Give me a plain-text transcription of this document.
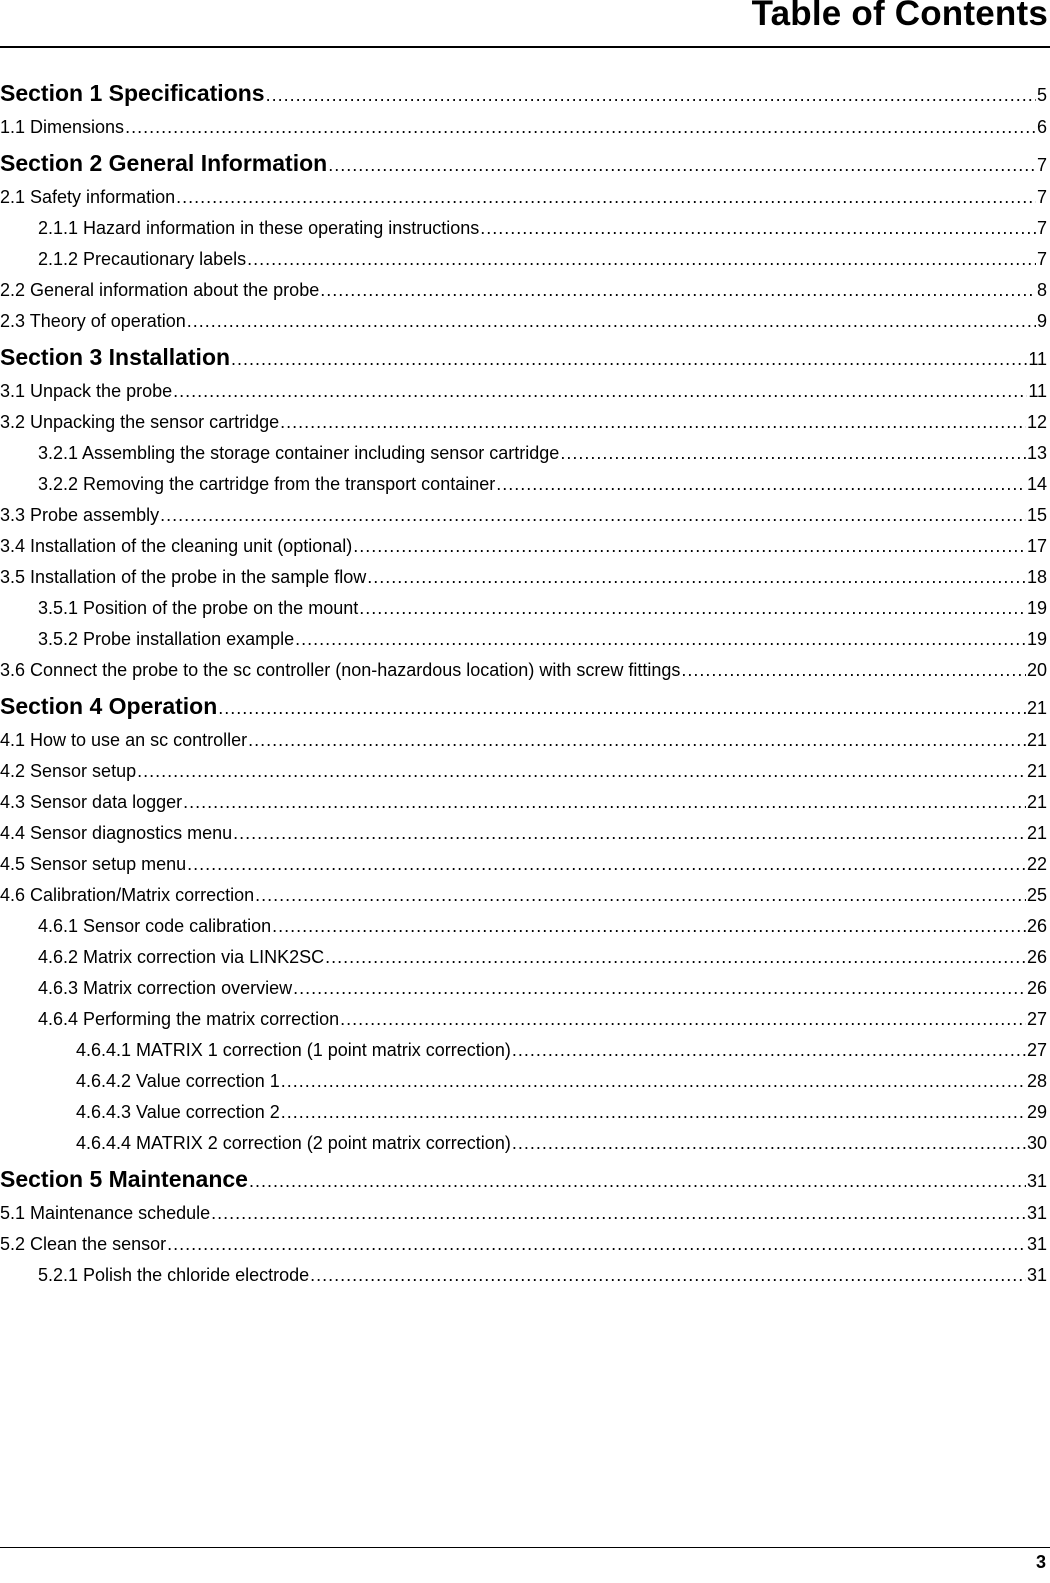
Table of Contents
Section 1 Specifications .....	5
1.1 Dimensions .....	6
Section 2 General Information .....	7
2.1 Safety information .....	7
2.1.1 Hazard information in these operating instructions .....	7
2.1.2 Precautionary labels .....	7
2.2 General information about the probe .....	8
2.3 Theory of operation .....	9
Section 3 Installation .....	11
3.1 Unpack the probe .....	11
3.2 Unpacking the sensor cartridge .....	12
3.2.1 Assembling the storage container including sensor cartridge .....	13
3.2.2 Removing the cartridge from the transport container .....	14
3.3 Probe assembly .....	15
3.4 Installation of the cleaning unit (optional) .....	17
3.5 Installation of the probe in the sample flow .....	18
3.5.1 Position of the probe on the mount .....	19
3.5.2 Probe installation example .....	19
3.6 Connect the probe to the sc controller (non-hazardous location) with screw fittings .....	20
Section 4 Operation .....	21
4.1 How to use an sc controller .....	21
4.2 Sensor setup .....	21
4.3 Sensor data logger .....	21
4.4 Sensor diagnostics menu .....	21
4.5 Sensor setup menu .....	22
4.6 Calibration/Matrix correction .....	25
4.6.1 Sensor code calibration .....	26
4.6.2 Matrix correction via LINK2SC .....	26
4.6.3 Matrix correction overview .....	26
4.6.4 Performing the matrix correction .....	27
4.6.4.1 MATRIX 1 correction (1 point matrix correction) .....	27
4.6.4.2 Value correction 1 .....	28
4.6.4.3 Value correction 2 .....	29
4.6.4.4 MATRIX 2 correction (2 point matrix correction) .....	30
Section 5 Maintenance .....	31
5.1 Maintenance schedule .....	31
5.2 Clean the sensor .....	31
5.2.1 Polish the chloride electrode .....	31
3
